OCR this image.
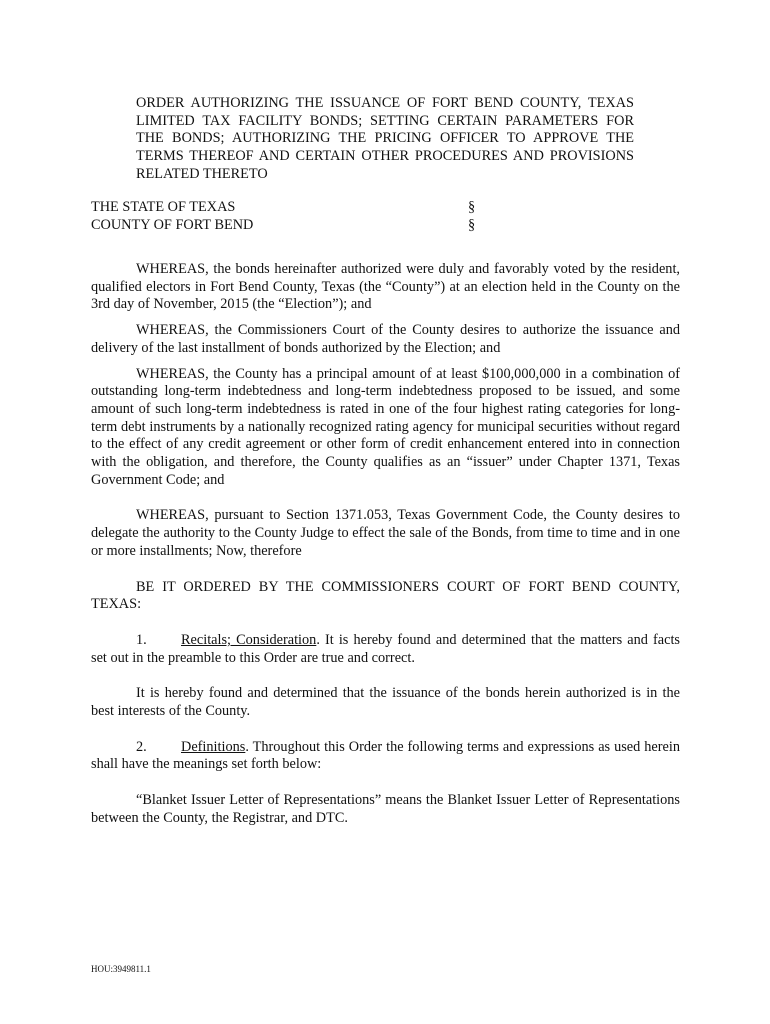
ORDER AUTHORIZING THE ISSUANCE OF FORT BEND COUNTY, TEXAS LIMITED TAX FACILITY BONDS; SETTING CERTAIN PARAMETERS FOR THE BONDS; AUTHORIZING THE PRICING OFFICER TO APPROVE THE TERMS THEREOF AND CERTAIN OTHER PROCEDURES AND PROVISIONS RELATED THERETO
THE STATE OF TEXAS	§
COUNTY OF FORT BEND	§

WHEREAS, the bonds hereinafter authorized were duly and favorably voted by the resident, qualified electors in Fort Bend County, Texas (the “County”) at an election held in the County on the 3rd day of November, 2015 (the “Election”); and

WHEREAS, the Commissioners Court of the County desires to authorize the issuance and delivery of the last installment of bonds authorized by the Election; and

WHEREAS, the County has a principal amount of at least $100,000,000 in a combination of outstanding long-term indebtedness and long-term indebtedness proposed to be issued, and some amount of such long-term indebtedness is rated in one of the four highest rating categories for long-term debt instruments by a nationally recognized rating agency for municipal securities without regard to the effect of any credit agreement or other form of credit enhancement entered into in connection with the obligation, and therefore, the County qualifies as an “issuer” under Chapter 1371, Texas Government Code; and

WHEREAS, pursuant to Section 1371.053, Texas Government Code, the County desires to delegate the authority to the County Judge to effect the sale of the Bonds, from time to time and in one or more installments; Now, therefore

BE IT ORDERED BY THE COMMISSIONERS COURT OF FORT BEND COUNTY, TEXAS:

1. Recitals; Consideration. It is hereby found and determined that the matters and facts set out in the preamble to this Order are true and correct.

It is hereby found and determined that the issuance of the bonds herein authorized is in the best interests of the County.

2. Definitions. Throughout this Order the following terms and expressions as used herein shall have the meanings set forth below:

“Blanket Issuer Letter of Representations” means the Blanket Issuer Letter of Representations between the County, the Registrar, and DTC.

HOU:3949811.1
